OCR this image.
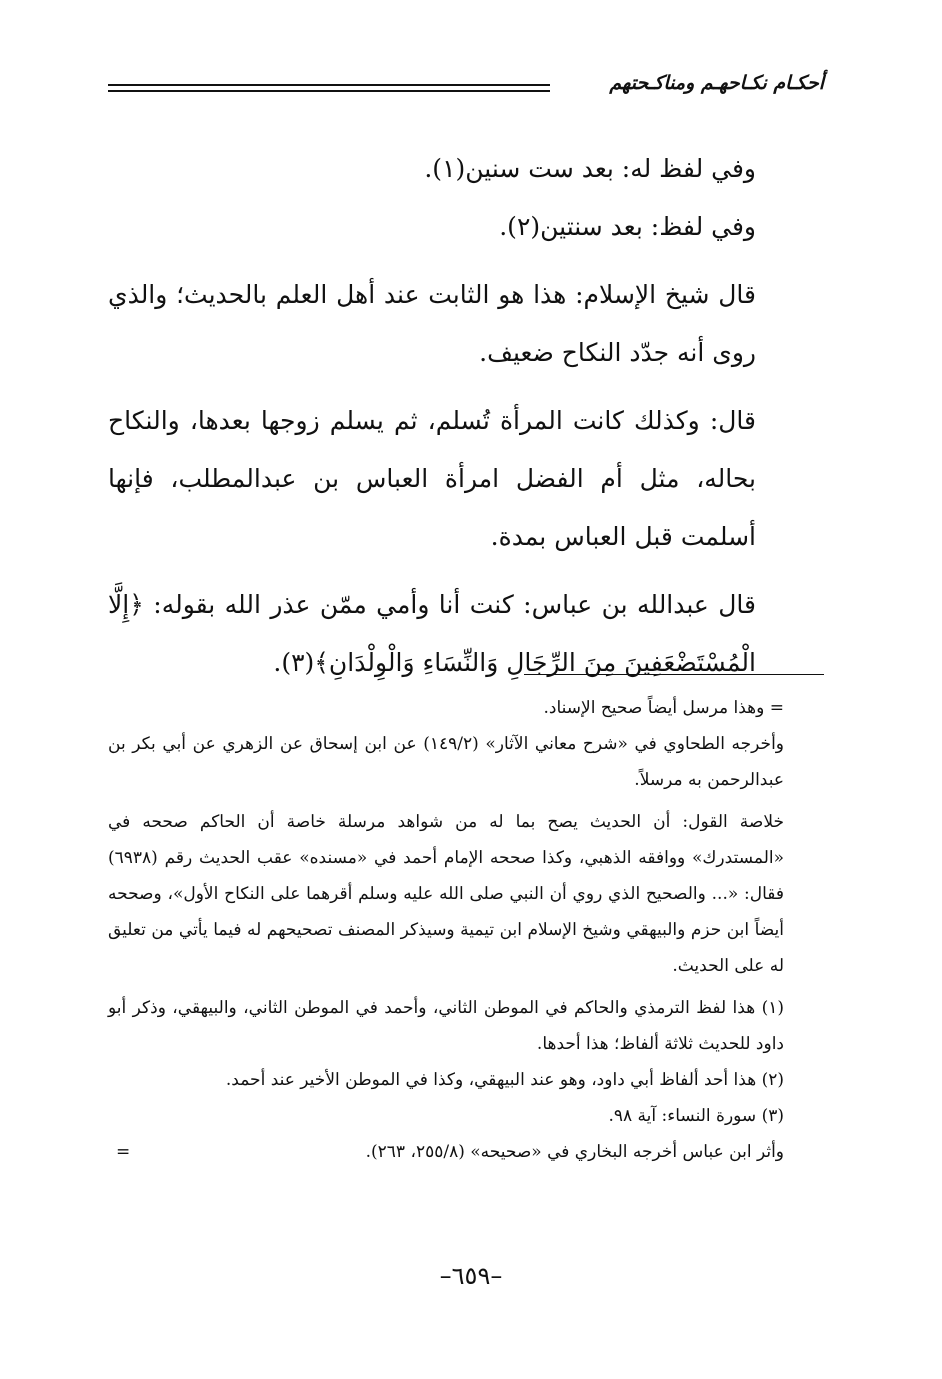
أحكـام نكـاحهـم ومناكـحتهم

وفي لفظ له: بعد ست سنين(١).

وفي لفظ: بعد سنتين(٢).

قال شيخ الإسلام: هذا هو الثابت عند أهل العلم بالحديث؛ والذي روى أنه جدّد النكاح ضعيف.

قال: وكذلك كانت المرأة تُسلم، ثم يسلم زوجها بعدها، والنكاح بحاله، مثل أم الفضل امرأة العباس بن عبدالمطلب، فإنها أسلمت قبل العباس بمدة.

قال عبدالله بن عباس: كنت أنا وأمي ممّن عذر الله بقوله: ﴿إِلَّا الْمُسْتَضْعَفِينَ مِنَ الرِّجَالِ وَالنِّسَاءِ وَالْوِلْدَانِ﴾(٣).

= وهذا مرسل أيضاً صحيح الإسناد.

وأخرجه الطحاوي في «شرح معاني الآثار» (١٤٩/٢) عن ابن إسحاق عن الزهري عن أبي بكر بن عبدالرحمن به مرسلاً.

خلاصة القول: أن الحديث يصح بما له من شواهد مرسلة خاصة أن الحاكم صححه في «المستدرك» ووافقه الذهبي، وكذا صححه الإمام أحمد في «مسنده» عقب الحديث رقم (٦٩٣٨) فقال: «... والصحيح الذي روي أن النبي صلى الله عليه وسلم أقرهما على النكاح الأول»، وصححه أيضاً ابن حزم والبيهقي وشيخ الإسلام ابن تيمية وسيذكر المصنف تصحيحهم له فيما يأتي من تعليق له على الحديث.

(١) هذا لفظ الترمذي والحاكم في الموطن الثاني، وأحمد في الموطن الثاني، والبيهقي، وذكر أبو داود للحديث ثلاثة ألفاظ؛ هذا أحدها.

(٢) هذا أحد ألفاظ أبي داود، وهو عند البيهقي، وكذا في الموطن الأخير عند أحمد.

(٣) سورة النساء: آية ٩٨.

وأثر ابن عباس أخرجه البخاري في «صحيحه» (٢٥٥/٨، ٢٦٣).
=

–٦٥٩–
